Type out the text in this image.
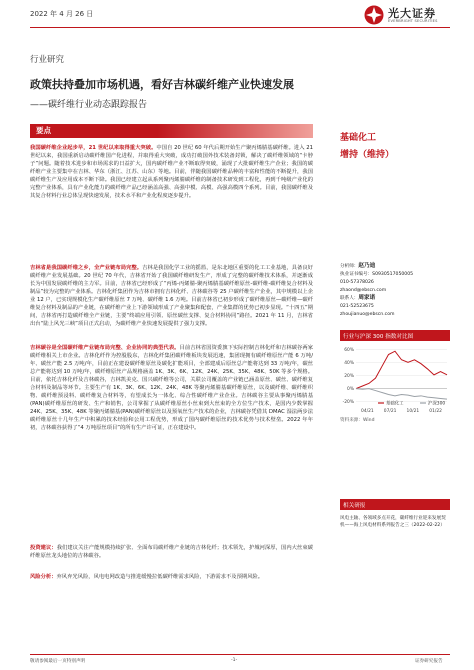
2022 年 4 月 26 日	光大证券
EVERBRIGHT SECURITIES
行业研究
政策扶持叠加市场机遇，看好吉林碳纤维产业快速发展
——碳纤维行业动态跟踪报告
要点
我国碳纤维企业起步早，21 世纪以来取得重大突破。中国自 20 世纪 60 年代后期开始生产聚丙烯腈基碳纤维。进入 21 世纪以来，我国重新启动碳纤维国产化进程，并取得重大突破，成功打破国外技术装备封锁，解决了碳纤维领域的“卡脖子”问题。随着技术进步和市场需求的日益扩大，国内碳纤维产业不断取得突破，涌现了大批碳纤维生产企业；我国的碳纤维产业主要集中在吉林、华东（浙江、江苏、山东）等地。目前，伴随我国碳纤维品种的丰富和性能的不断提升，我国碳纤维生产及应用成本不断下降。我国已经建立起从系列聚丙烯腈碳纤维的制备技术研发到工程化，再到千吨级产业化的完整产业体系，具有产业化能力的碳纤维产品已经涵盖高强、高强中模、高模、高强高模四个系列。目前，我国碳纤维及其复合材料行业总体呈现快速发展，技术水平和产业化程度逐步提升。
吉林省是我国碳纤维之乡，全产业链布局完整。吉林是我国化学工业的摇篮，是东北地区重要的化工工业基地，具备良好碳纤维产业发展基础。20 世纪 70 年代，吉林省开始了我国碳纤维研发生产，形成了完整的碳纤维技术体系，并逐渐成长为中国发展碳纤维的主力军。目前，吉林省已经形成了“丙烯-丙烯腈-聚丙烯腈基碳纤维原丝-碳纤维-碳纤维复合材料及制品”较为完整的产业体系。吉林化纤集团作为吉林市拥有吉林化纤、吉林碳谷等 25 户碳纤维生产企业，其中规模以上企业 12 户，已实现规模化生产碳纤维原丝 7 万吨、碳纤维 1.6 万吨。目前吉林省已初步形成了碳纤维原丝—碳纤维—碳纤维复合材料及制品的产业链，在碳纤维产业上下游领域形成了产业聚集和配套，产业集群的优势已初步显现。“十四五”期间，吉林省再打造碳纤维全产业链，主要“终端应用引领、原丝碳丝支撑、复合材料协同”路径。2021 年 11 月，吉林省出台“陆上风光三峡”项目正式启动，为碳纤维产业快速发展提供了强力支撑。
吉林碳谷是全国碳纤维产业链布局完整、企业协同的典型代表。目前吉林省国资委旗下实际控制吉林化纤和吉林碳谷两家碳纤维相关上市企业。吉林化纤作为控股股东，吉林化纤集团碳纤维板块发展迅速，集团现拥有碳纤维原丝产能 6 万吨/年、碳丝产能 2.5 万吨/年，目前正在建设碳纤维原丝及碳化扩能项目，全部建成后原丝总产能将达到 33 万吨/年，碳丝总产能将达到 10 万吨/年，碳纤维原丝产品规格涵盖 1K、3K、6K、12K、24K、25K、35K、48K、50K 等多个规格。目前，依托吉林化纤及吉林碳谷，吉林凯美克、国兴碳纤维等公司，关联公司覆盖的产业链已涵盖原丝、碳丝、碳纤维复合材料及制品等环节。主要生产有 1K、3K、6K、12K、24K、48K 等聚丙烯腈基碳纤维原丝，以及碳纤维、碳纤维织物、碳纤维预浸料、碳纤维复合材料等，有望成长为一体化、综合性碳纤维产业企业。吉林碳谷主要从事聚丙烯腈基(PAN)碳纤维原丝的研发、生产和销售，公司掌握了从碳纤维原丝小丝束到大丝束的全方位生产技术，是国内少数掌握 24K、25K、35K、48K 等聚丙烯腈基(PAN)碳纤维原丝以及预氧丝生产技术的企业，吉林碳谷凭借其 DMAC 湿法两步法碳纤维原丝十几年生产中积累的技术经验和公用工程优势，形成了国内碳纤维原丝的技术优势与技术壁垒。2022 年年初，吉林碳谷获得了“4 万吨原丝项目”的所有生产许可证，正在建设中。
投资建议：我们建议关注产能规模持续扩张、全面布局碳纤维产业链的吉林化纤；技术领先，护城河深厚，国内大丝束碳纤维原丝龙头地位的吉林碳谷。
风险分析：弃风弃光风险，风电电网改造与推进缓慢拉低碳纤维需求风险，下游需求不及预期风险。
基础化工
增持（维持）
分析师：赵乃迪
执业证书编号：S0930517050005
010-57378026
zhaond@ebscn.com
联系人：周家诺
021-52523675
zhoujianuo@ebscn.com
行业与沪深 300 指数对比图
60%
40%
20%
0%
-20%
04/21 07/21 10/21 01/22
基础化工	沪深300
资料来源：Wind
相关研报
风电主轴、各领域多点开花，碳纤维行业迎来发展契机——海上风电材料系列报告之三（2022-02-22）
敬请参阅最后一页特别声明	-1-	证券研究报告
